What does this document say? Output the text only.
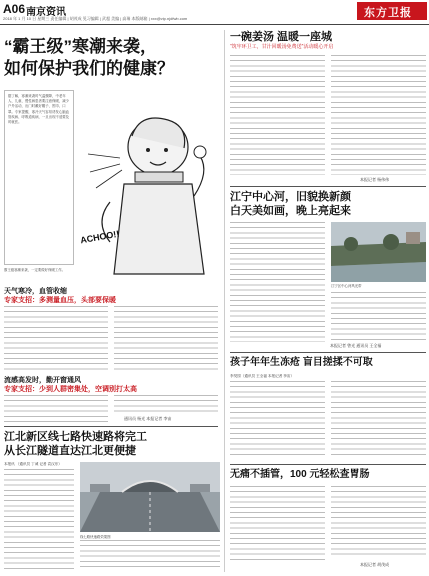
A06 南京资讯
2018 年 1 月 10 日 星期三 责任编辑 | 胡茂成 见习编辑 | 武超 美编 | 高瑞 本版邮箱 | xxx@vip.njdfwb.com	东方卫报
“霸王级”寒潮来袭，
如何保护我们的健康？
据了解，寒潮来袭时气温骤降，中老年人、儿童、慢性病患者要注意保暖，减少户外活动，出门时戴好帽子、围巾、口罩。专家提醒，寒冷天气容易诱发心脑血管疾病、呼吸道疾病，一旦出现不适要及时就医。
ACHOO!!
霸王级寒潮来袭，一定要做好保暖工作。
天气寒冷，血管收缩
专家支招：多测量血压，头部要保暖
流感高发时，勤开窗通风
专家支招：少到人群密集处，空调别打太高
通讯员 杨光 本报记者 李宙
江北新区线七路快速路将完工
从长江隧道直达江北更便捷
本报讯 （通讯员 丁诚 记者 袁汉东）
线七路快速路效果图
一碗姜汤 温暖一座城
“筑牢环卫工，甘汁回暖汤免费送”活动暖心开启
本报记者 杨伟伟
江宁中心河，旧貌换新颜
白天美如画，晚上亮起来
江宁区中心河风光带
本报记者 曾光 通讯员 王全福
孩子年年生冻疮 盲目搓揉不可取
李昊园（通讯员 王全福 本报记者 李宙）
无痛不插管，100 元轻松查胃肠
本报记者 胡茂成
